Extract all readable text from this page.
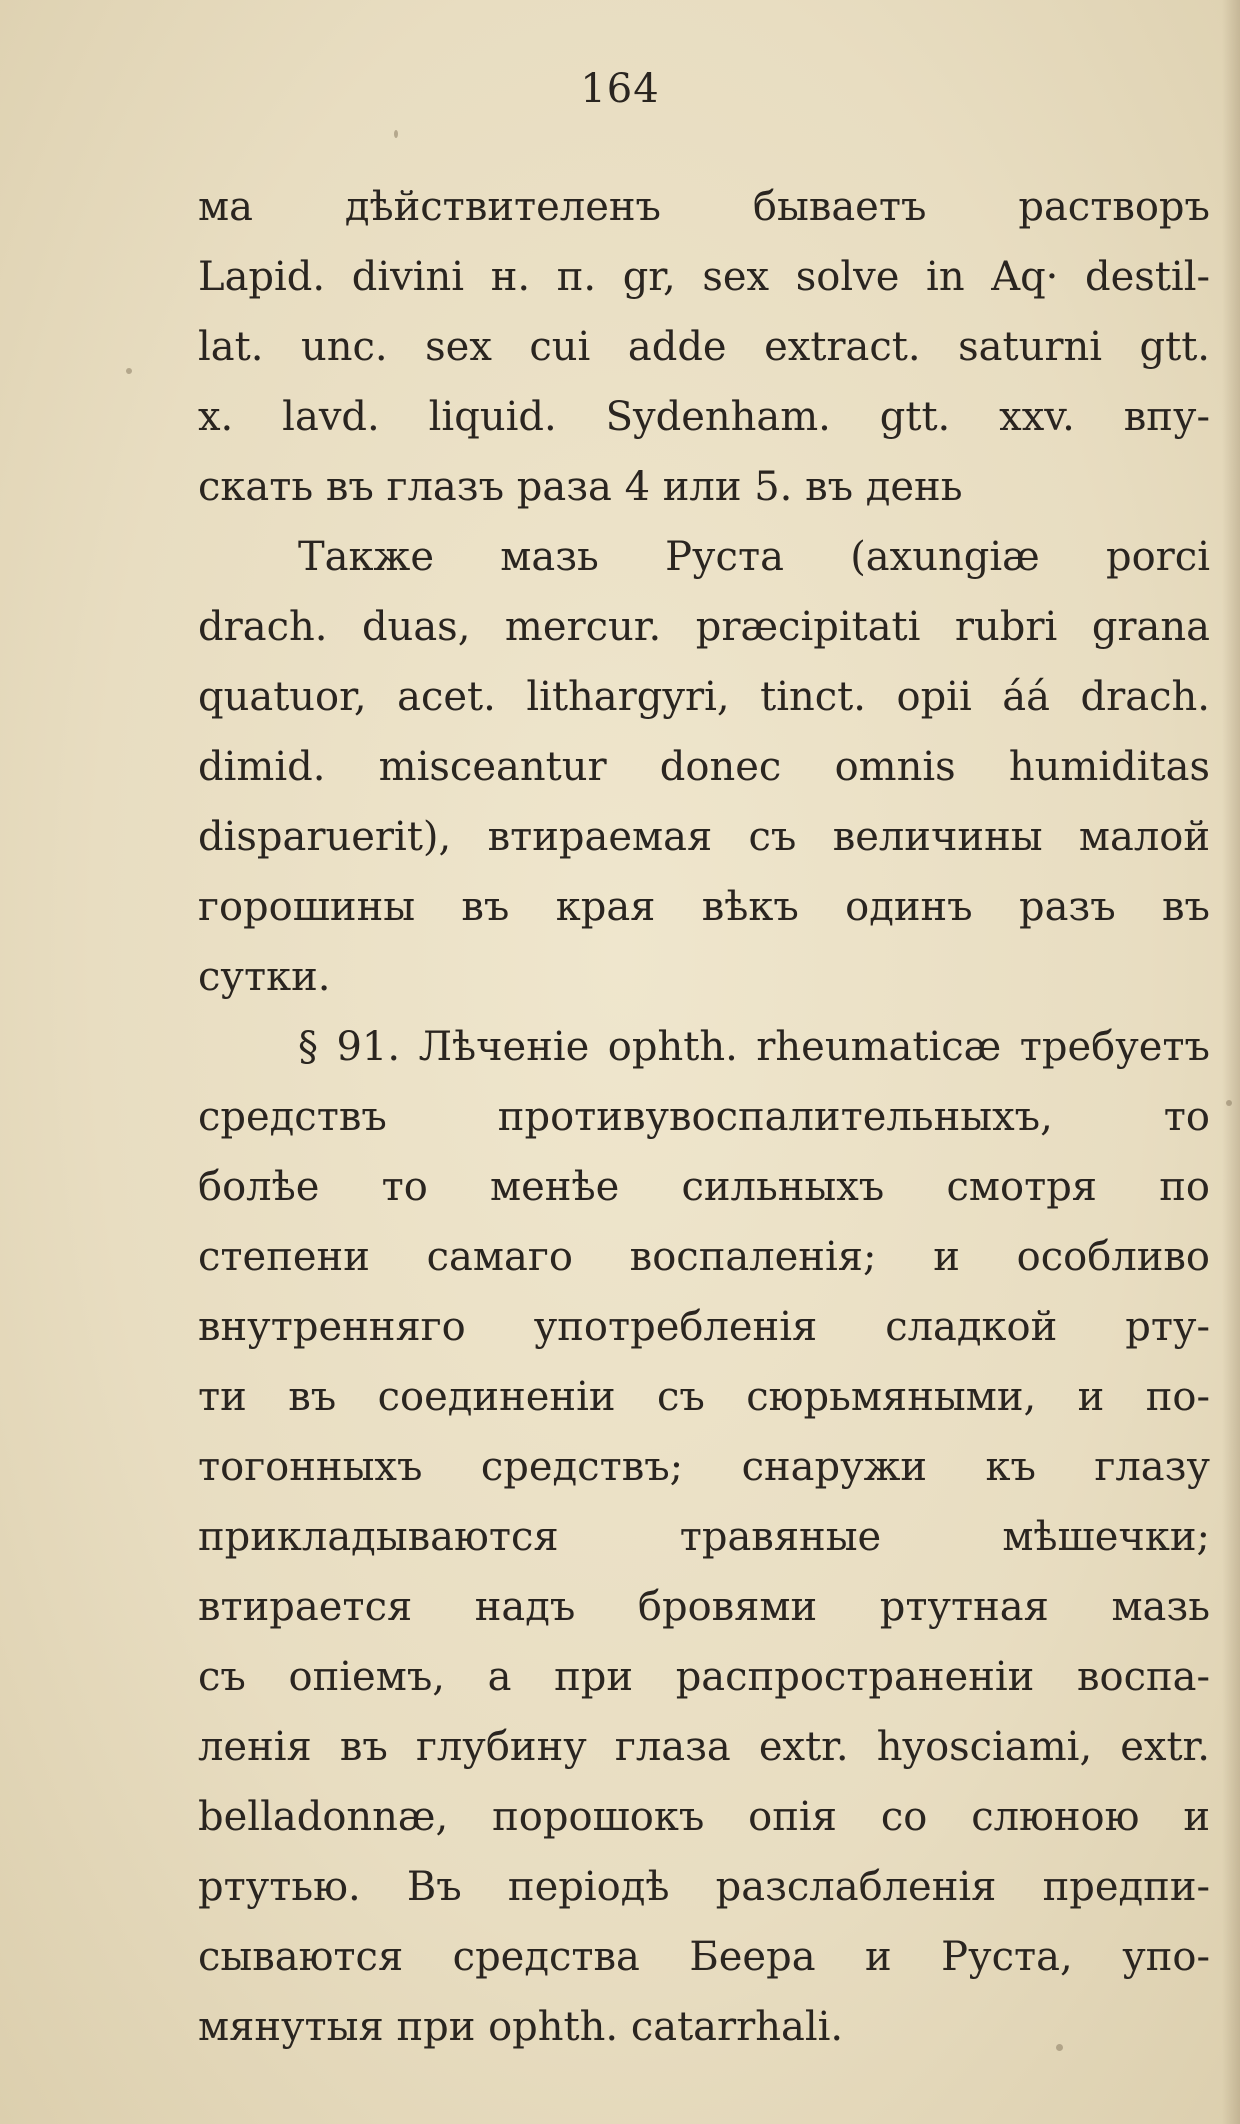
164
ма дѣйствителенъ бываетъ растворъ
Lapid. divini н. п. gr, sex solve in Aq· destil-
lat. unc. sex cui adde extract. saturni gtt.
x. lavd. liquid. Sydenham. gtt. xxv. впу-
скать въ глазъ раза 4 или 5. въ день
Также мазь Руста (axungiæ porci
drach. duas, mercur. præcipitati rubri grana
quatuor, acet. lithargyri, tinct. opii áá drach.
dimid. misceantur donec omnis humiditas
disparuerit), втираемая съ величины малой
горошины въ края вѣкъ одинъ разъ въ
сутки.
§ 91. Лѣченіе ophth. rheumaticæ требуетъ
средствъ противувоспалительныхъ, то
болѣе то менѣе сильныхъ смотря по
степени самаго воспаленія; и особливо
внутренняго употребленія сладкой рту-
ти въ соединеніи съ сюрьмяными, и по-
тогонныхъ средствъ; снаружи къ глазу
прикладываются травяные мѣшечки;
втирается надъ бровями ртутная мазь
съ опіемъ, а при распространеніи воспа-
ленія въ глубину глаза extr. hyosciami, extr.
belladonnæ, порошокъ опія со слюною и
ртутью. Въ періодѣ разслабленія предпи-
сываются средства Беера и Руста, упо-
мянутыя при ophth. catarrhali.
